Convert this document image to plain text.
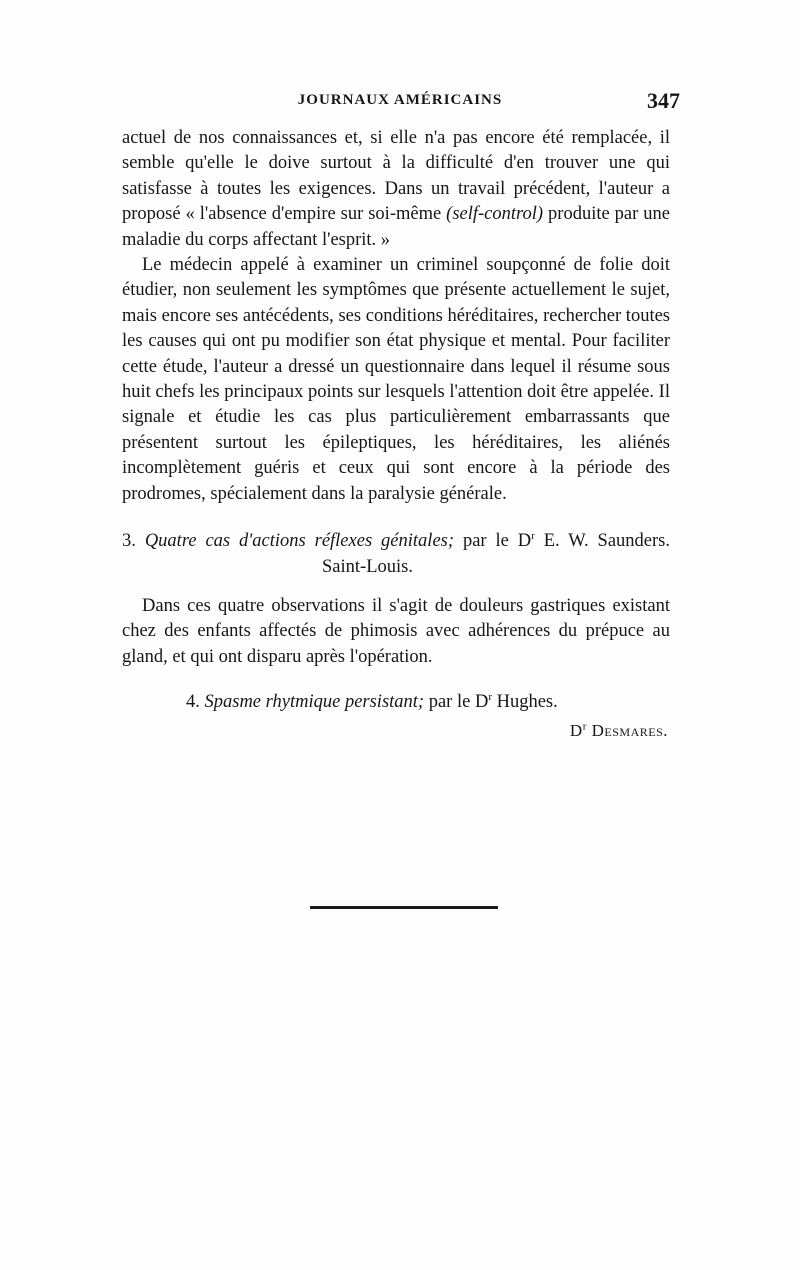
JOURNAUX AMÉRICAINS	347

actuel de nos connaissances et, si elle n'a pas encore été remplacée, il semble qu'elle le doive surtout à la difficulté d'en trouver une qui satisfasse à toutes les exigences. Dans un travail précédent, l'auteur a proposé « l'absence d'empire sur soi-même (self-control) produite par une maladie du corps affectant l'esprit. »

Le médecin appelé à examiner un criminel soupçonné de folie doit étudier, non seulement les symptômes que présente actuellement le sujet, mais encore ses antécédents, ses conditions héréditaires, rechercher toutes les causes qui ont pu modifier son état physique et mental. Pour faciliter cette étude, l'auteur a dressé un questionnaire dans lequel il résume sous huit chefs les principaux points sur lesquels l'attention doit être appelée. Il signale et étudie les cas plus particulièrement embarrassants que présentent surtout les épileptiques, les héréditaires, les aliénés incomplètement guéris et ceux qui sont encore à la période des prodromes, spécialement dans la paralysie générale.

3. Quatre cas d'actions réflexes génitales; par le $D^r$ E. W. Saunders. Saint-Louis.

Dans ces quatre observations il s'agit de douleurs gastriques existant chez des enfants affectés de phimosis avec adhérences du prépuce au gland, et qui ont disparu après l'opération.

4. Spasme rhytmique persistant; par le $D^r$ Hughes.

$D^r$ Desmares.
